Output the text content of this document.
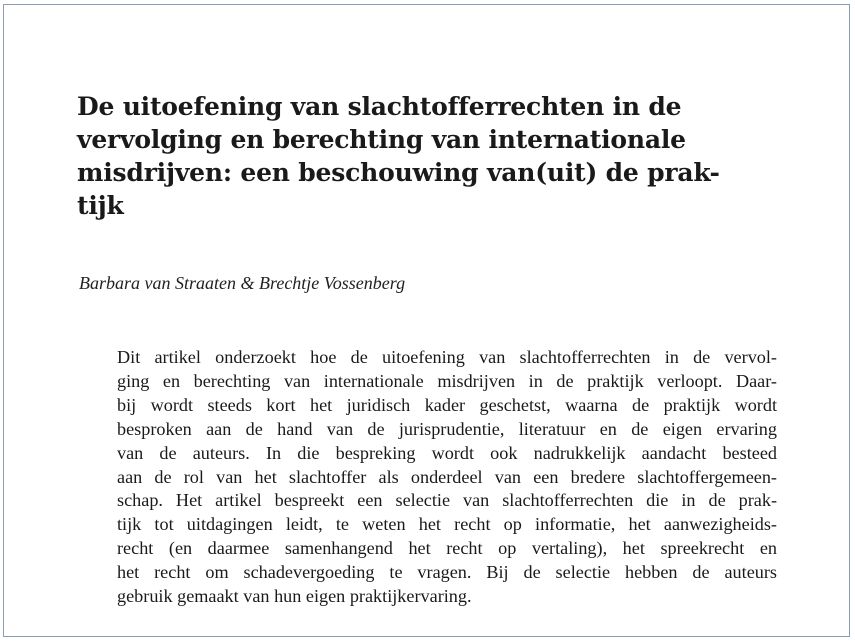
De uitoefening van slachtofferrechten in de
vervolging en berechting van internationale
misdrijven: een beschouwing van(uit) de prak-
tijk

Barbara van Straaten & Brechtje Vossenberg

Dit artikel onderzoekt hoe de uitoefening van slachtofferrechten in de vervol-
ging en berechting van internationale misdrijven in de praktijk verloopt. Daar-
bij wordt steeds kort het juridisch kader geschetst, waarna de praktijk wordt
besproken aan de hand van de jurisprudentie, literatuur en de eigen ervaring
van de auteurs. In die bespreking wordt ook nadrukkelijk aandacht besteed
aan de rol van het slachtoffer als onderdeel van een bredere slachtoffergemeen-
schap. Het artikel bespreekt een selectie van slachtofferrechten die in de prak-
tijk tot uitdagingen leidt, te weten het recht op informatie, het aanwezigheids-
recht (en daarmee samenhangend het recht op vertaling), het spreekrecht en
het recht om schadevergoeding te vragen. Bij de selectie hebben de auteurs
gebruik gemaakt van hun eigen praktijkervaring.
